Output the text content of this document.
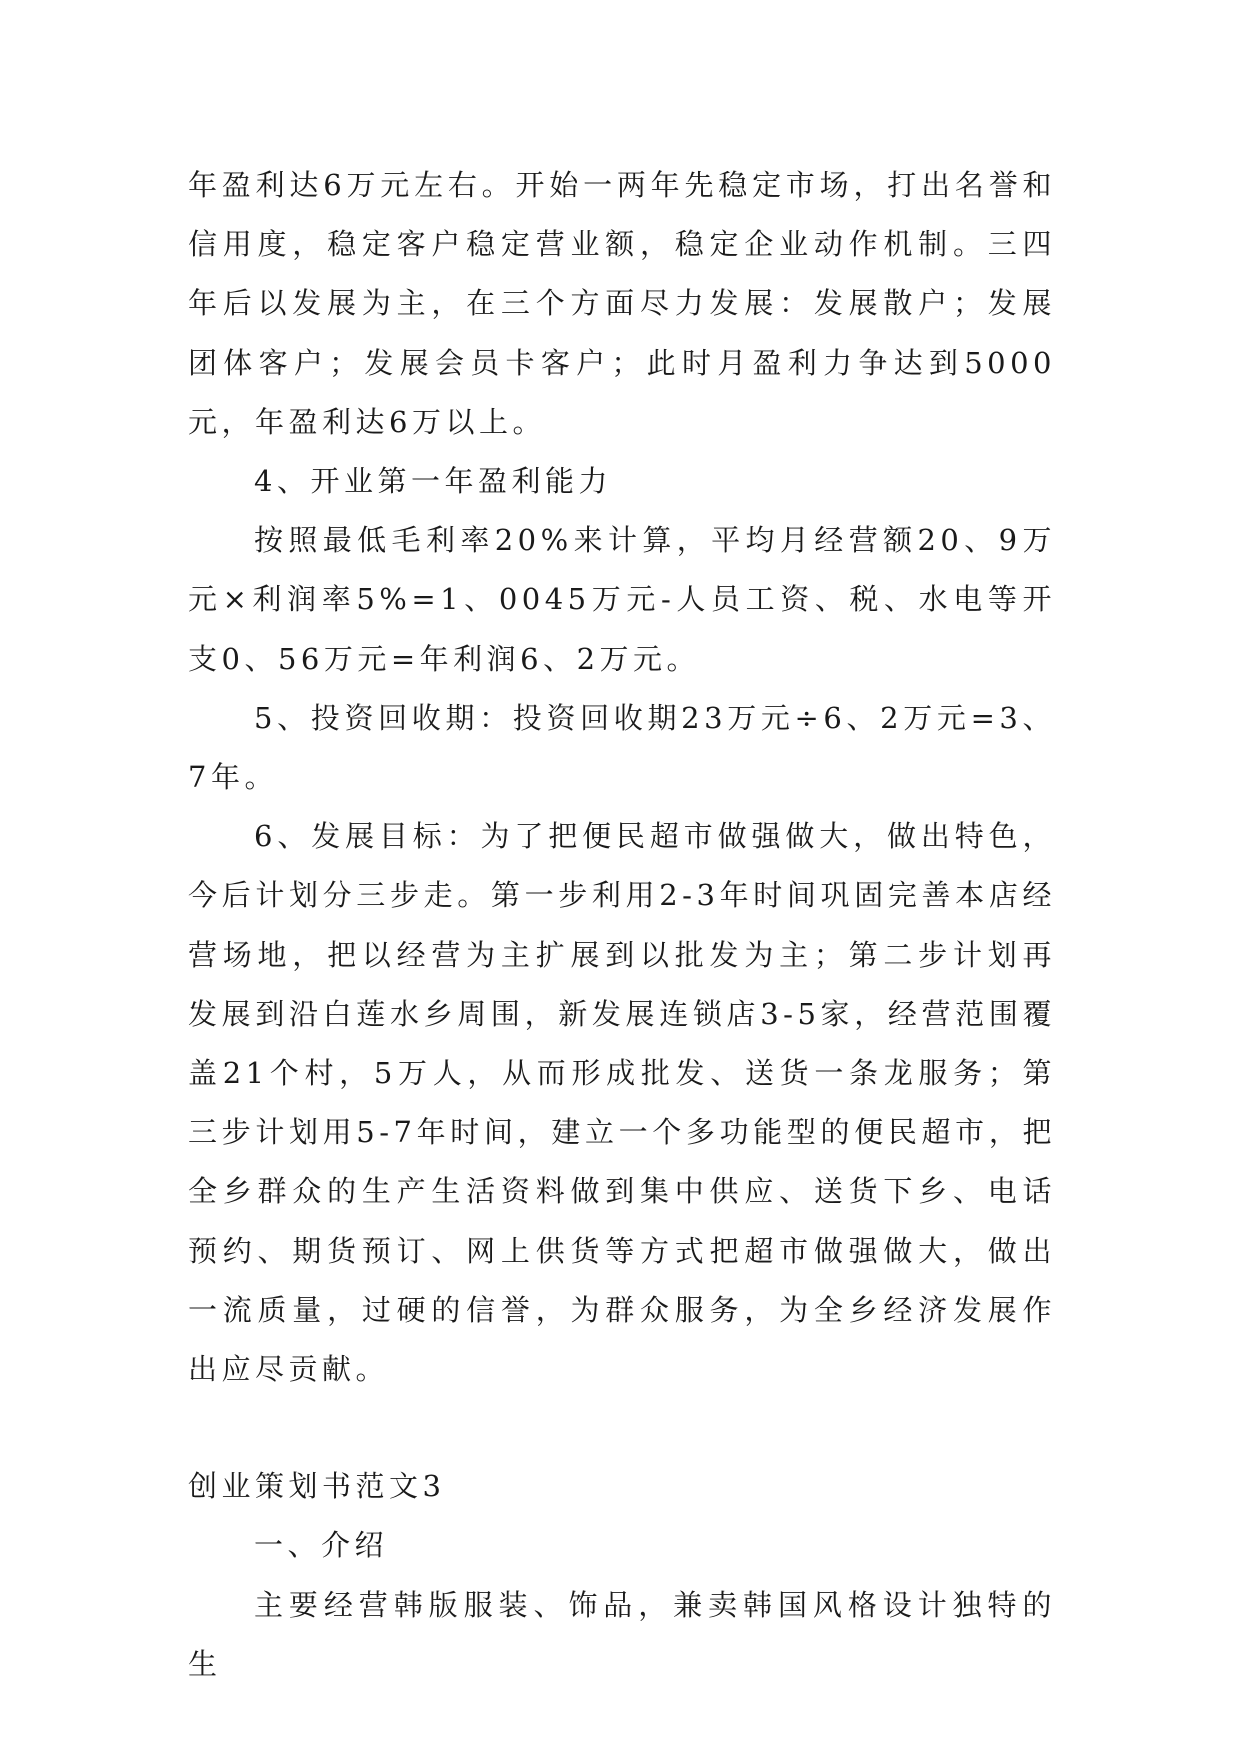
年盈利达6万元左右。开始一两年先稳定市场，打出名誉和信用度，稳定客户稳定营业额，稳定企业动作机制。三四年后以发展为主，在三个方面尽力发展：发展散户；发展团体客户；发展会员卡客户；此时月盈利力争达到5000元，年盈利达6万以上。

4、开业第一年盈利能力

按照最低毛利率20%来计算，平均月经营额20、9万元×利润率5%=1、0045万元-人员工资、税、水电等开支0、56万元=年利润6、2万元。

5、投资回收期：投资回收期23万元÷6、2万元=3、7年。

6、发展目标：为了把便民超市做强做大，做出特色，今后计划分三步走。第一步利用2-3年时间巩固完善本店经营场地，把以经营为主扩展到以批发为主；第二步计划再发展到沿白莲水乡周围，新发展连锁店3-5家，经营范围覆盖21个村，5万人，从而形成批发、送货一条龙服务；第三步计划用5-7年时间，建立一个多功能型的便民超市，把全乡群众的生产生活资料做到集中供应、送货下乡、电话预约、期货预订、网上供货等方式把超市做强做大，做出一流质量，过硬的信誉，为群众服务，为全乡经济发展作出应尽贡献。

创业策划书范文3

一、介绍

主要经营韩版服装、饰品，兼卖韩国风格设计独特的生
